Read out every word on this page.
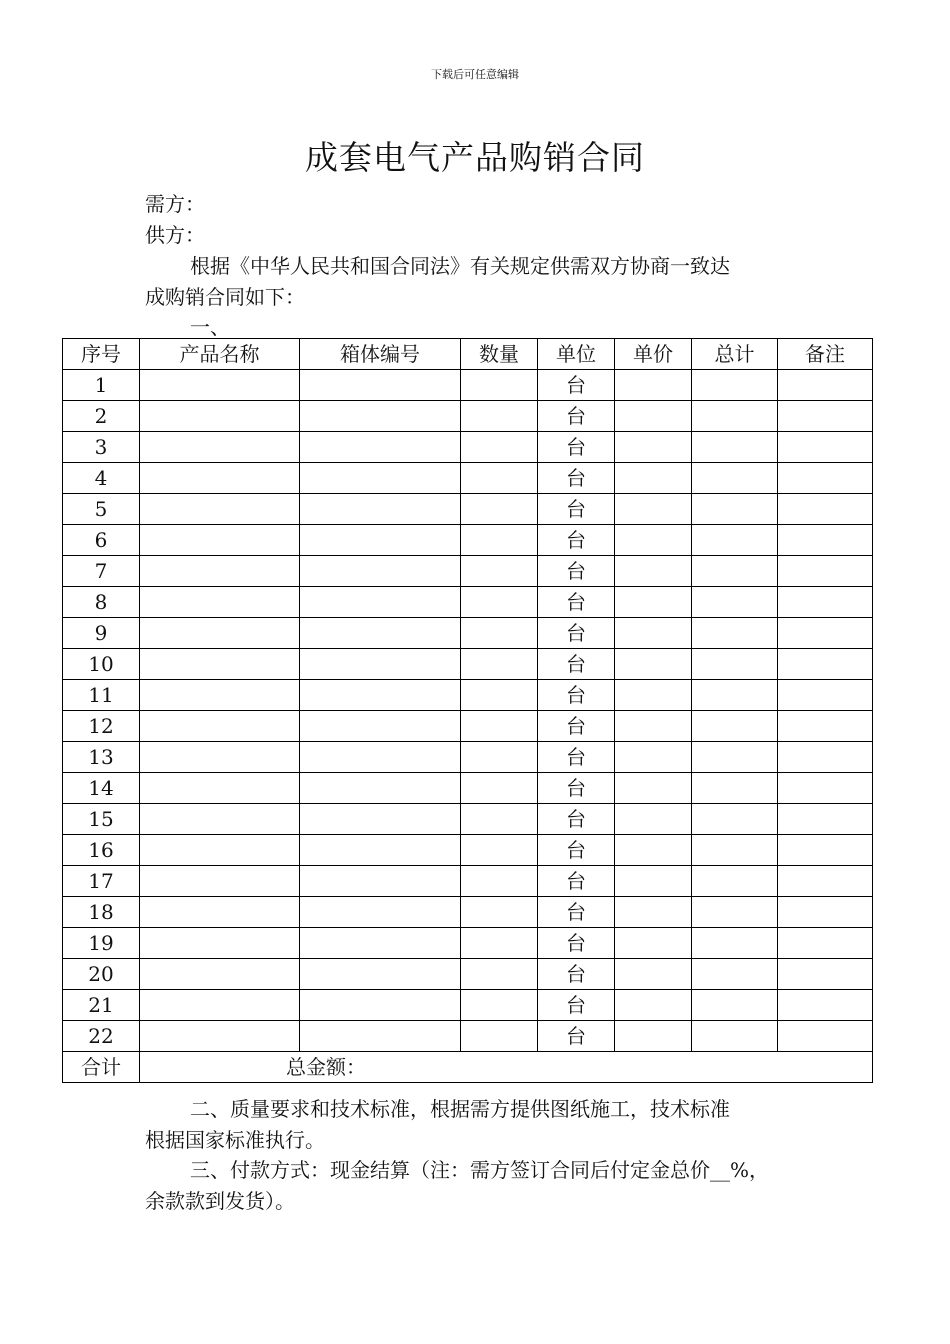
下载后可任意编辑
成套电气产品购销合同
需方：
供方：
根据《中华人民共和国合同法》有关规定供需双方协商一致达
成购销合同如下：
一、
序号	产品名称	箱体编号	数量	单位	单价	总计	备注
1				台			
2				台			
3				台			
4				台			
5				台			
6				台			
7				台			
8				台			
9				台			
10				台			
11				台			
12				台			
13				台			
14				台			
15				台			
16				台			
17				台			
18				台			
19				台			
20				台			
21				台			
22				台			
合计	总金额：						
二、质量要求和技术标准，根据需方提供图纸施工，技术标准
根据国家标准执行。
三、付款方式：现金结算（注：需方签订合同后付定金总价__%，
余款款到发货）。
